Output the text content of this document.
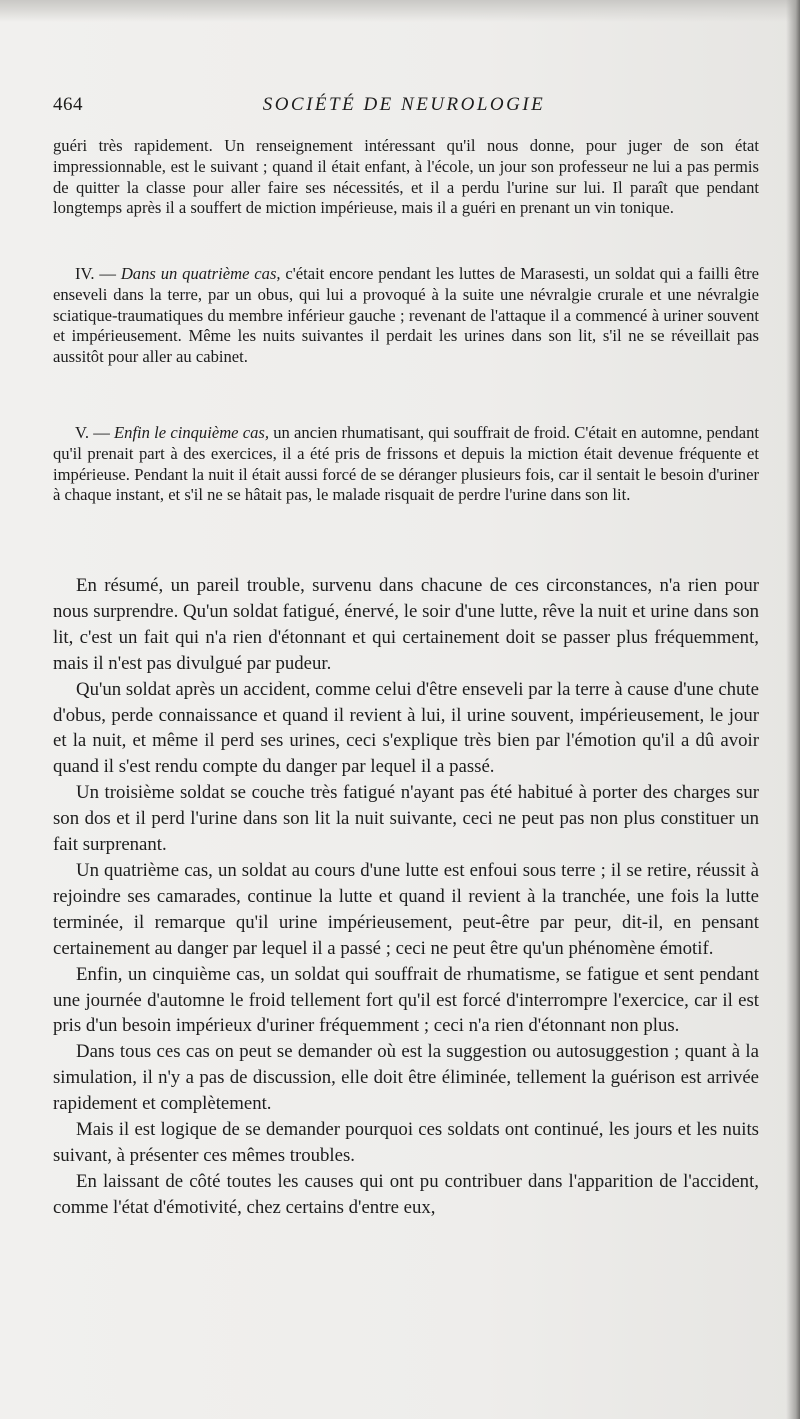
464	SOCIÉTÉ DE NEUROLOGIE

guéri très rapidement. Un renseignement intéressant qu'il nous donne, pour juger de son état impressionnable, est le suivant ; quand il était enfant, à l'école, un jour son professeur ne lui a pas permis de quitter la classe pour aller faire ses nécessités, et il a perdu l'urine sur lui. Il paraît que pendant longtemps après il a souffert de miction impérieuse, mais il a guéri en prenant un vin tonique.

IV. — Dans un quatrième cas, c'était encore pendant les luttes de Marasesti, un soldat qui a failli être enseveli dans la terre, par un obus, qui lui a provoqué à la suite une névralgie crurale et une névralgie sciatique-traumatiques du membre inférieur gauche ; revenant de l'attaque il a commencé à uriner souvent et impérieusement. Même les nuits suivantes il perdait les urines dans son lit, s'il ne se réveillait pas aussitôt pour aller au cabinet.

V. — Enfin le cinquième cas, un ancien rhumatisant, qui souffrait de froid. C'était en automne, pendant qu'il prenait part à des exercices, il a été pris de frissons et depuis la miction était devenue fréquente et impérieuse. Pendant la nuit il était aussi forcé de se déranger plusieurs fois, car il sentait le besoin d'uriner à chaque instant, et s'il ne se hâtait pas, le malade risquait de perdre l'urine dans son lit.

En résumé, un pareil trouble, survenu dans chacune de ces circonstances, n'a rien pour nous surprendre. Qu'un soldat fatigué, énervé, le soir d'une lutte, rêve la nuit et urine dans son lit, c'est un fait qui n'a rien d'étonnant et qui certainement doit se passer plus fréquemment, mais il n'est pas divulgué par pudeur.

Qu'un soldat après un accident, comme celui d'être enseveli par la terre à cause d'une chute d'obus, perde connaissance et quand il revient à lui, il urine souvent, impérieusement, le jour et la nuit, et même il perd ses urines, ceci s'explique très bien par l'émotion qu'il a dû avoir quand il s'est rendu compte du danger par lequel il a passé.

Un troisième soldat se couche très fatigué n'ayant pas été habitué à porter des charges sur son dos et il perd l'urine dans son lit la nuit suivante, ceci ne peut pas non plus constituer un fait surprenant.

Un quatrième cas, un soldat au cours d'une lutte est enfoui sous terre ; il se retire, réussit à rejoindre ses camarades, continue la lutte et quand il revient à la tranchée, une fois la lutte terminée, il remarque qu'il urine impérieusement, peut-être par peur, dit-il, en pensant certainement au danger par lequel il a passé ; ceci ne peut être qu'un phénomène émotif.

Enfin, un cinquième cas, un soldat qui souffrait de rhumatisme, se fatigue et sent pendant une journée d'automne le froid tellement fort qu'il est forcé d'interrompre l'exercice, car il est pris d'un besoin impérieux d'uriner fréquemment ; ceci n'a rien d'étonnant non plus.

Dans tous ces cas on peut se demander où est la suggestion ou autosuggestion ; quant à la simulation, il n'y a pas de discussion, elle doit être éliminée, tellement la guérison est arrivée rapidement et complètement.

Mais il est logique de se demander pourquoi ces soldats ont continué, les jours et les nuits suivant, à présenter ces mêmes troubles.

En laissant de côté toutes les causes qui ont pu contribuer dans l'apparition de l'accident, comme l'état d'émotivité, chez certains d'entre eux,
